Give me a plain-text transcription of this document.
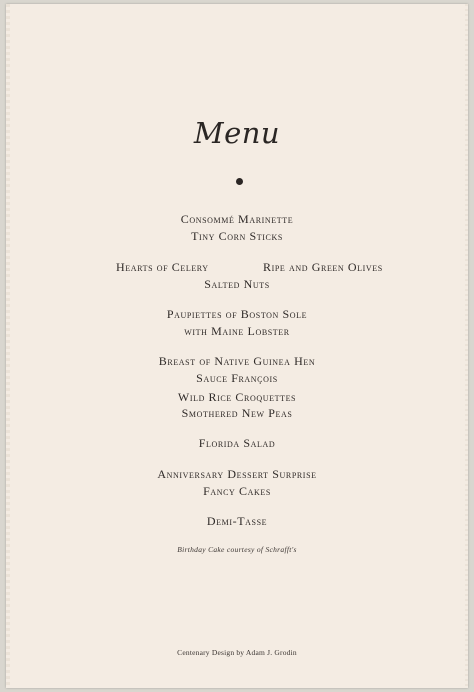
Menu
Consommé Marinette
Tiny Corn Sticks
Hearts of Celery	Ripe and Green Olives
Salted Nuts
Paupiettes of Boston Sole
with Maine Lobster
Breast of Native Guinea Hen
Sauce François
Wild Rice Croquettes
Smothered New Peas
Florida Salad
Anniversary Dessert Surprise
Fancy Cakes
Demi-Tasse
Birthday Cake courtesy of Schrafft's
Centenary Design by Adam J. Grodin
